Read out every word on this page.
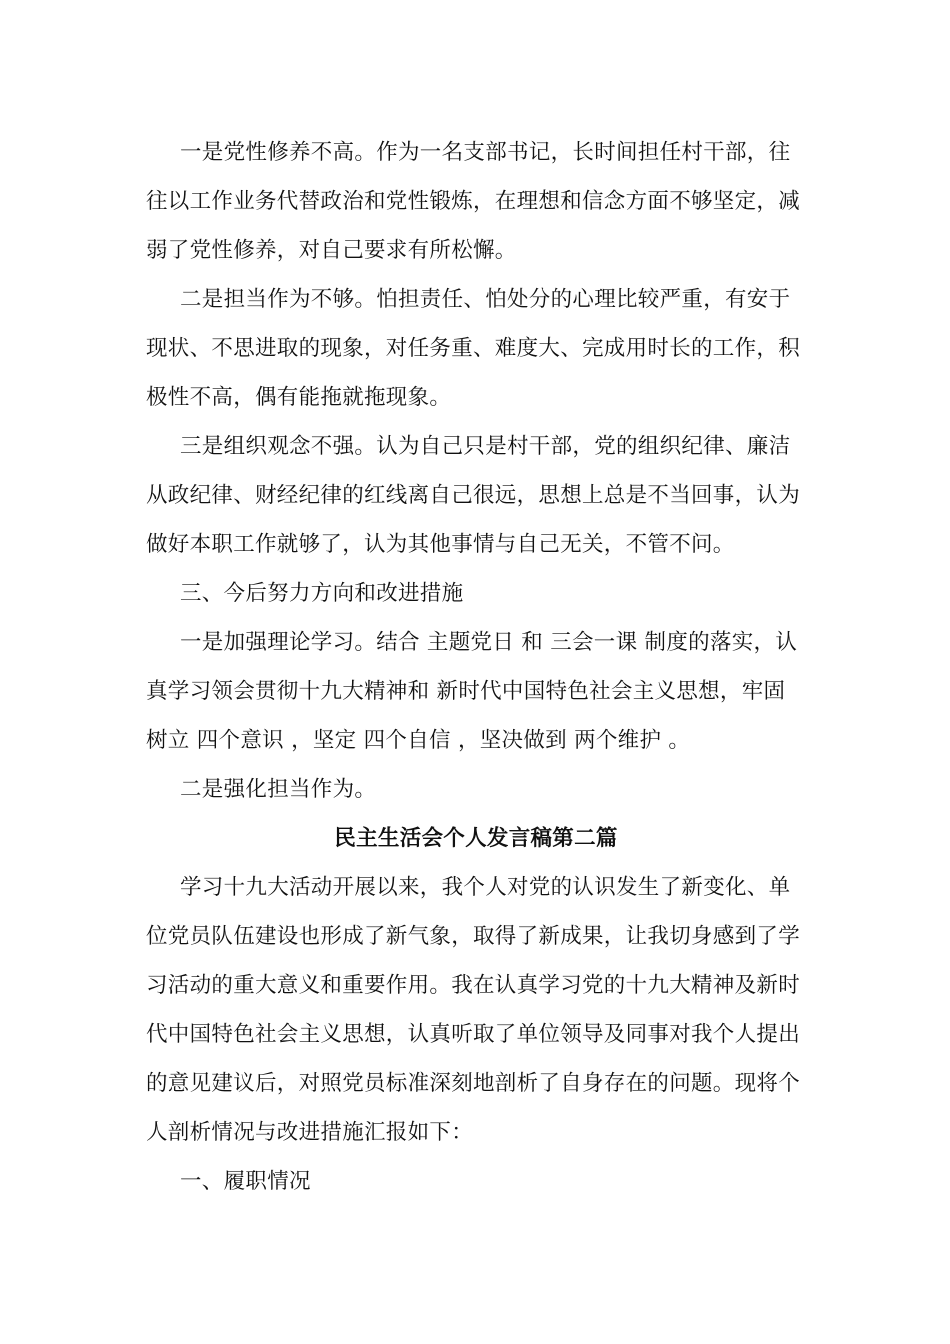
一是党性修养不高。作为一名支部书记，长时间担任村干部，往往以工作业务代替政治和党性锻炼，在理想和信念方面不够坚定，减弱了党性修养，对自己要求有所松懈。

二是担当作为不够。怕担责任、怕处分的心理比较严重，有安于现状、不思进取的现象，对任务重、难度大、完成用时长的工作，积极性不高，偶有能拖就拖现象。

三是组织观念不强。认为自己只是村干部，党的组织纪律、廉洁从政纪律、财经纪律的红线离自己很远，思想上总是不当回事，认为做好本职工作就够了，认为其他事情与自己无关，不管不问。

三、今后努力方向和改进措施

一是加强理论学习。结合 主题党日 和 三会一课 制度的落实，认真学习领会贯彻十九大精神和 新时代中国特色社会主义思想，牢固树立 四个意识 ，坚定 四个自信 ，坚决做到 两个维护 。

二是强化担当作为。

民主生活会个人发言稿第二篇

学习十九大活动开展以来，我个人对党的认识发生了新变化、单位党员队伍建设也形成了新气象，取得了新成果，让我切身感到了学习活动的重大意义和重要作用。我在认真学习党的十九大精神及新时代中国特色社会主义思想，认真听取了单位领导及同事对我个人提出的意见建议后，对照党员标准深刻地剖析了自身存在的问题。现将个人剖析情况与改进措施汇报如下：

一、履职情况
